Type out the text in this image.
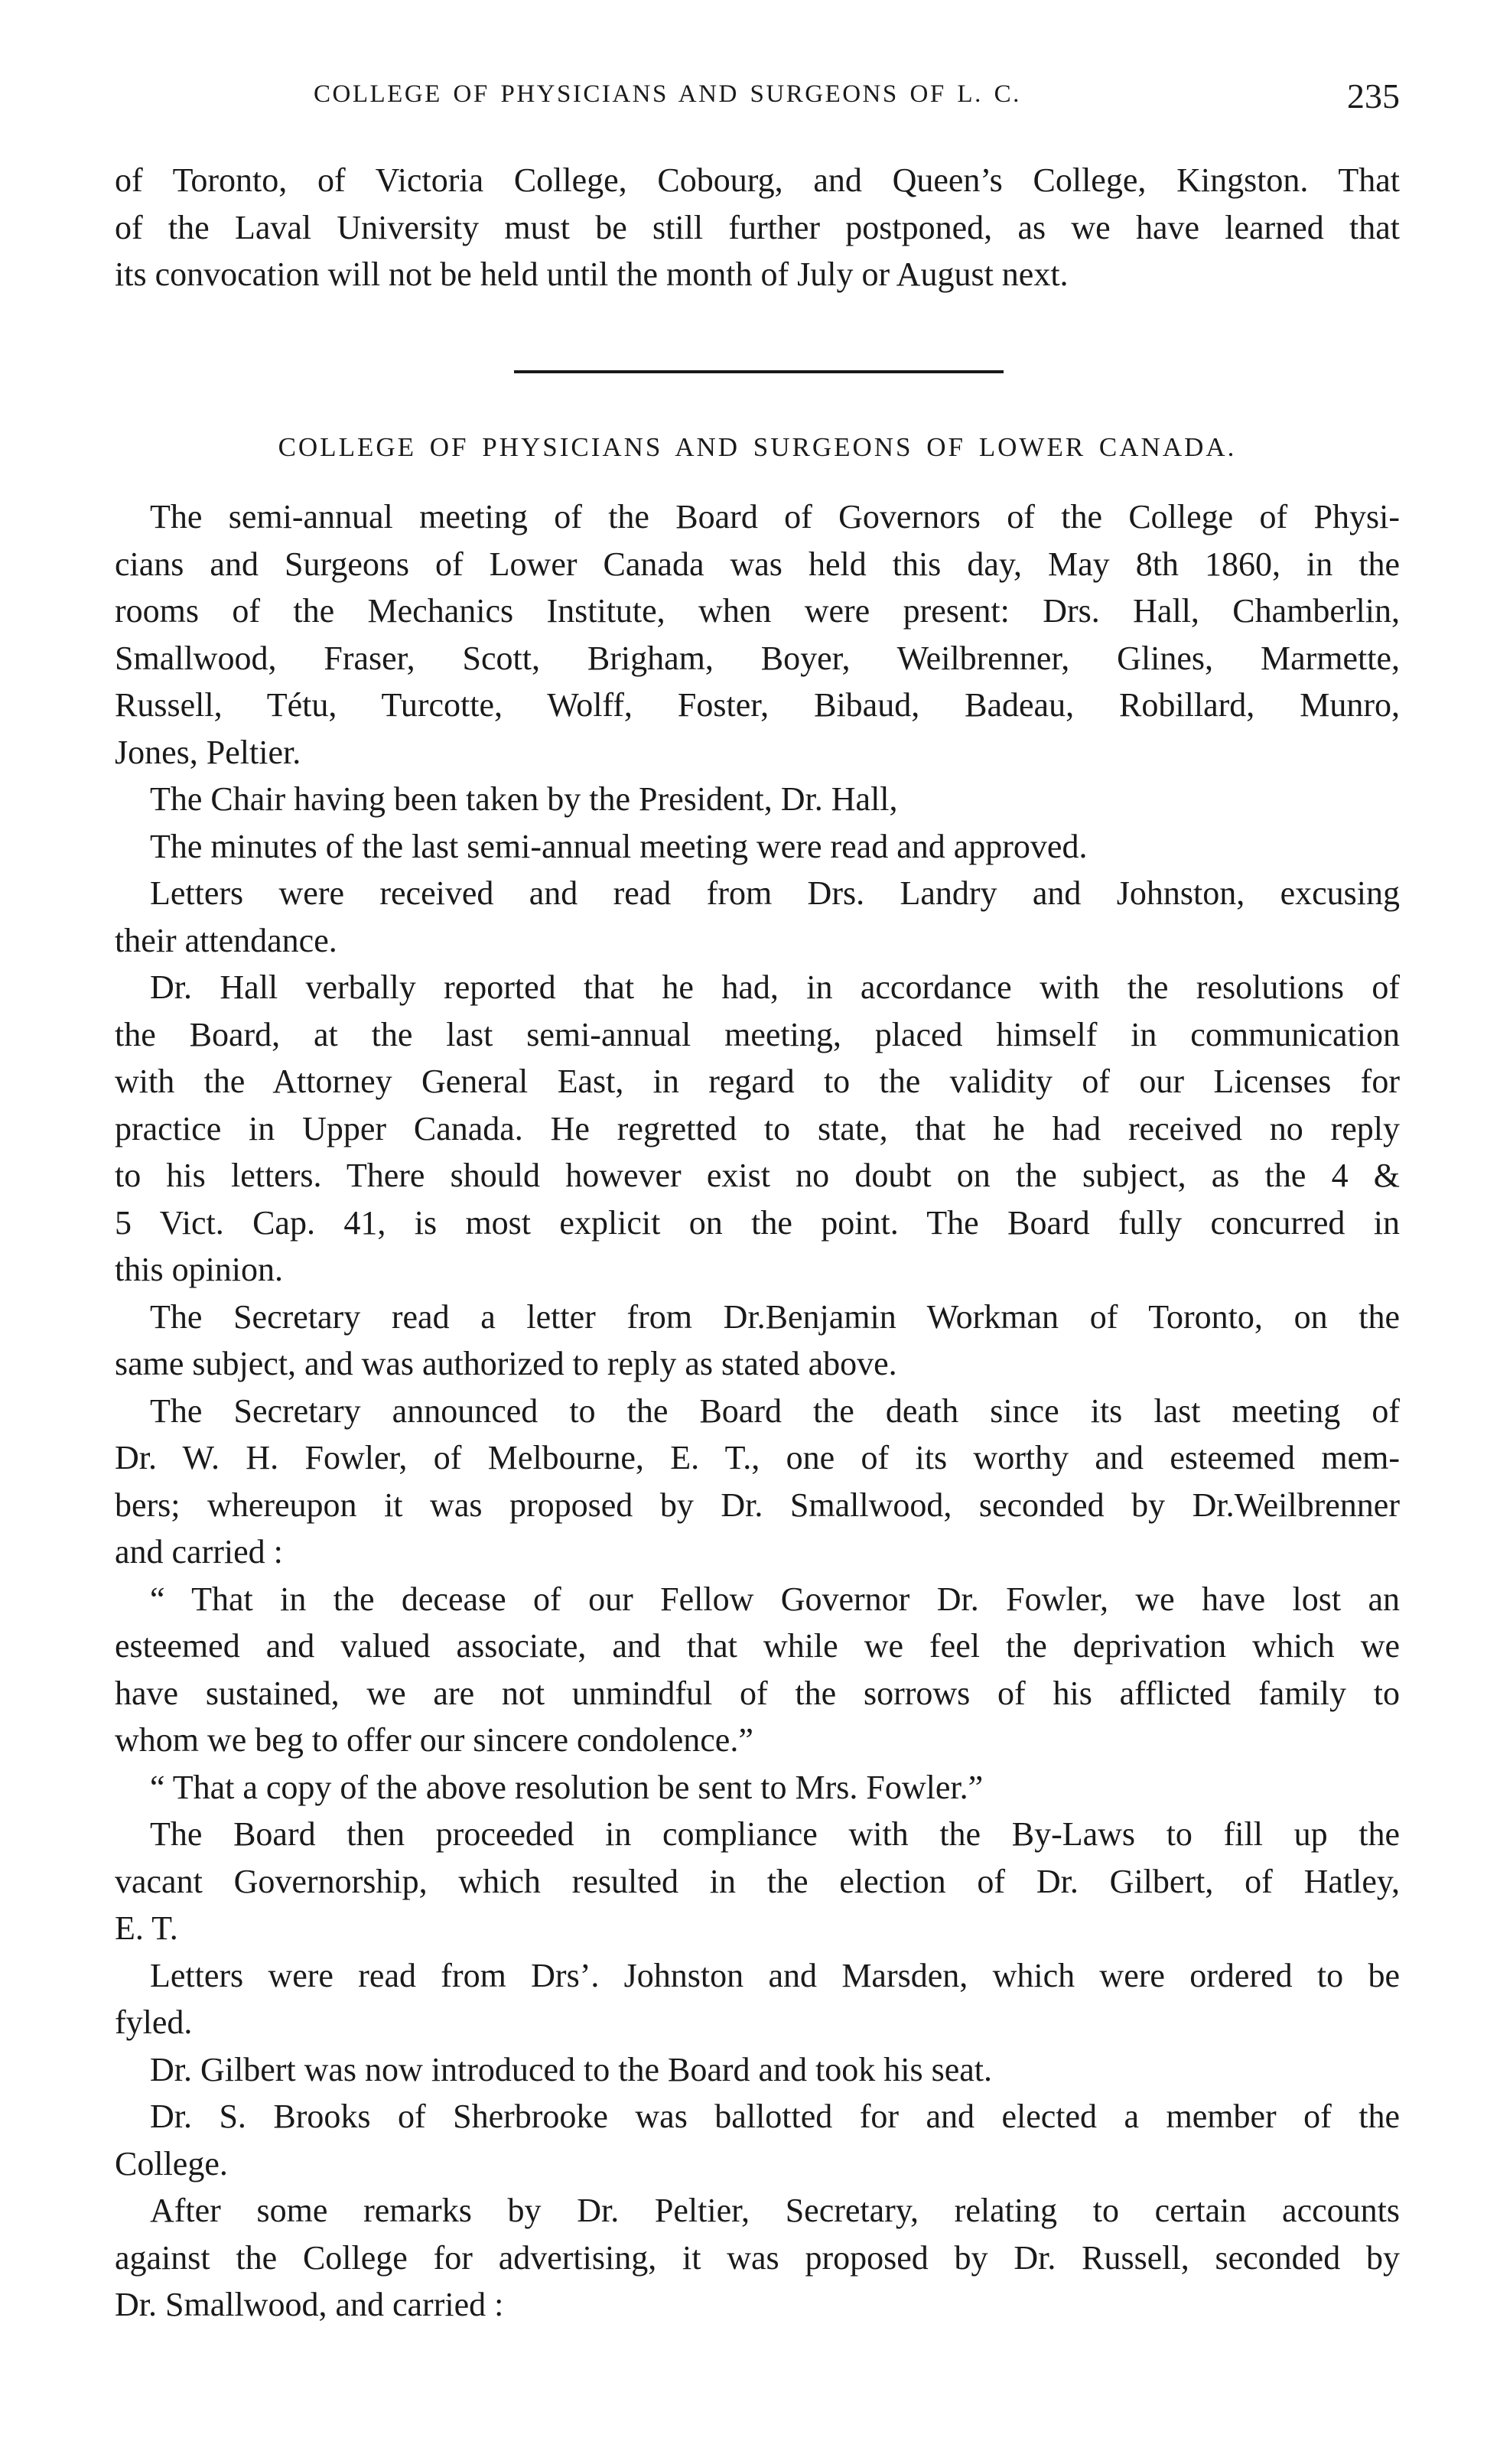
COLLEGE OF PHYSICIANS AND SURGEONS OF L. C.	235
of Toronto, of Victoria College, Cobourg, and Queen’s College, Kingston. That
of the Laval University must be still further postponed, as we have learned that
its convocation will not be held until the month of July or August next.
COLLEGE OF PHYSICIANS AND SURGEONS OF LOWER CANADA.
The semi-annual meeting of the Board of Governors of the College of Physi-
cians and Surgeons of Lower Canada was held this day, May 8th 1860, in the
rooms of the Mechanics Institute, when were present: Drs. Hall, Chamberlin,
Smallwood, Fraser, Scott, Brigham, Boyer, Weilbrenner, Glines, Marmette,
Russell, Tétu, Turcotte, Wolff, Foster, Bibaud, Badeau, Robillard, Munro,
Jones, Peltier.
The Chair having been taken by the President, Dr. Hall,
The minutes of the last semi-annual meeting were read and approved.
Letters were received and read from Drs. Landry and Johnston, excusing
their attendance.
Dr. Hall verbally reported that he had, in accordance with the resolutions of
the Board, at the last semi-annual meeting, placed himself in communication
with the Attorney General East, in regard to the validity of our Licenses for
practice in Upper Canada. He regretted to state, that he had received no reply
to his letters. There should however exist no doubt on the subject, as the 4 &
5 Vict. Cap. 41, is most explicit on the point. The Board fully concurred in
this opinion.
The Secretary read a letter from Dr.Benjamin Workman of Toronto, on the
same subject, and was authorized to reply as stated above.
The Secretary announced to the Board the death since its last meeting of
Dr. W. H. Fowler, of Melbourne, E. T., one of its worthy and esteemed mem-
bers; whereupon it was proposed by Dr. Smallwood, seconded by Dr.Weilbrenner
and carried :
“ That in the decease of our Fellow Governor Dr. Fowler, we have lost an
esteemed and valued associate, and that while we feel the deprivation which we
have sustained, we are not unmindful of the sorrows of his afflicted family to
whom we beg to offer our sincere condolence.”
“ That a copy of the above resolution be sent to Mrs. Fowler.”
The Board then proceeded in compliance with the By-Laws to fill up the
vacant Governorship, which resulted in the election of Dr. Gilbert, of Hatley,
E. T.
Letters were read from Drs’. Johnston and Marsden, which were ordered to be
fyled.
Dr. Gilbert was now introduced to the Board and took his seat.
Dr. S. Brooks of Sherbrooke was ballotted for and elected a member of the
College.
After some remarks by Dr. Peltier, Secretary, relating to certain accounts
against the College for advertising, it was proposed by Dr. Russell, seconded by
Dr. Smallwood, and carried :
